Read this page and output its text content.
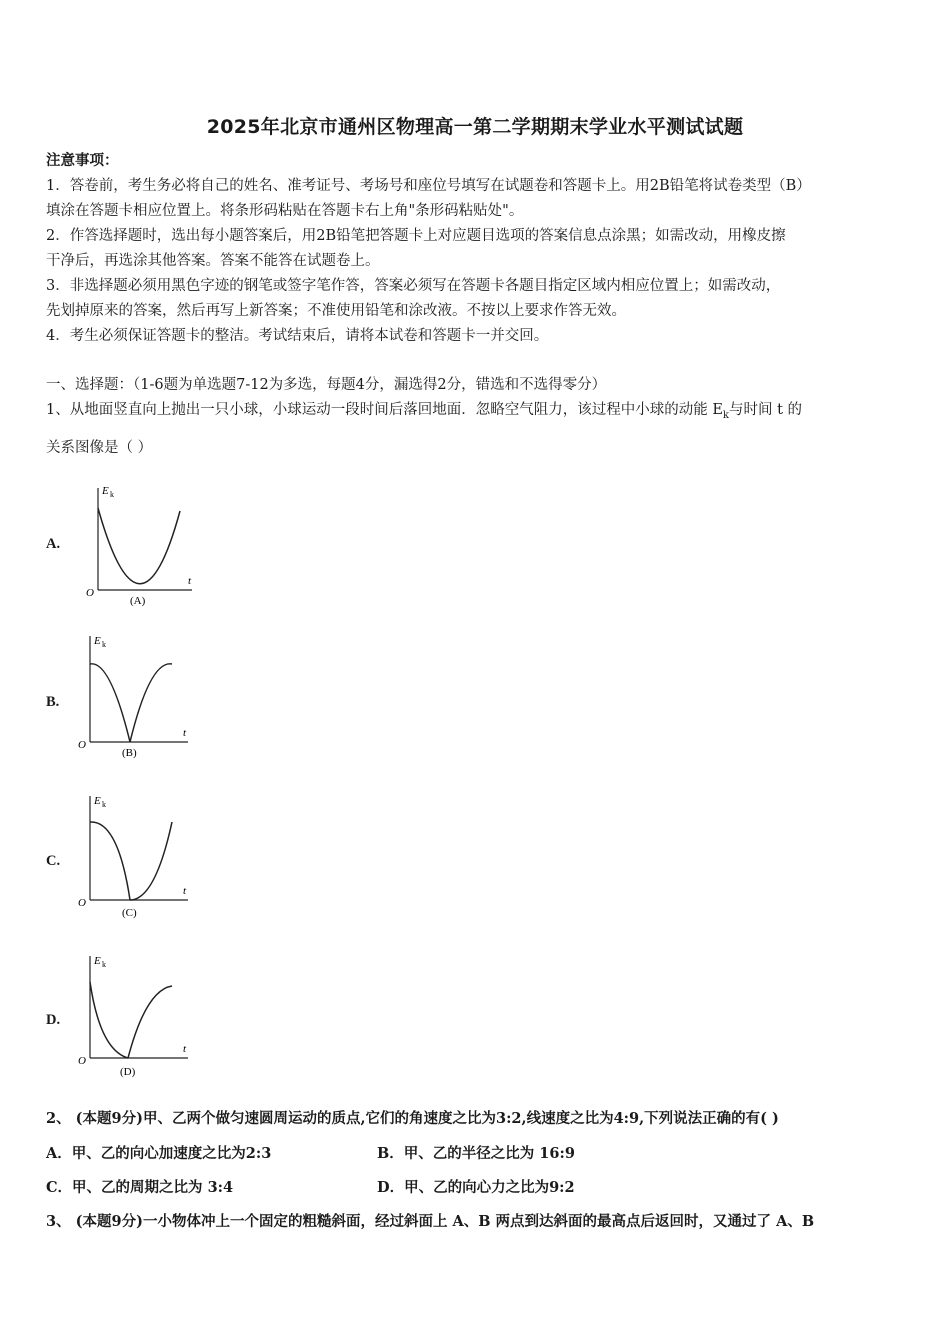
2025年北京市通州区物理高一第二学期期末学业水平测试试题
注意事项：
1．答卷前，考生务必将自己的姓名、准考证号、考场号和座位号填写在试题卷和答题卡上。用2B铅笔将试卷类型（B）
填涂在答题卡相应位置上。将条形码粘贴在答题卡右上角"条形码粘贴处"。
2．作答选择题时，选出每小题答案后，用2B铅笔把答题卡上对应题目选项的答案信息点涂黑；如需改动，用橡皮擦
干净后，再选涂其他答案。答案不能答在试题卷上。
3．非选择题必须用黑色字迹的钢笔或签字笔作答，答案必须写在答题卡各题目指定区域内相应位置上；如需改动，
先划掉原来的答案，然后再写上新答案；不准使用铅笔和涂改液。不按以上要求作答无效。
4．考生必须保证答题卡的整洁。考试结束后，请将本试卷和答题卡一并交回。
一、选择题：（1-6题为单选题7-12为多选，每题4分，漏选得2分，错选和不选得零分）
1、从地面竖直向上抛出一只小球，小球运动一段时间后落回地面．忽略空气阻力，该过程中小球的动能 $E_k$与时间 t 的
关系图像是（ ）
A.
E k
t
O
(A)
B.
E k
t
O
(B)
C.
E k
t
O
(C)
D.
E k
t
O
(D)
2、 (本题9分)甲、乙两个做匀速圆周运动的质点,它们的角速度之比为3:2,线速度之比为4:9,下列说法正确的有( )
A．甲、乙的向心加速度之比为2:3	B．甲、乙的半径之比为 16:9
C．甲、乙的周期之比为 3:4	D．甲、乙的向心力之比为9:2
3、 (本题9分)一小物体冲上一个固定的粗糙斜面，经过斜面上 A、B 两点到达斜面的最高点后返回时，又通过了 A、B
